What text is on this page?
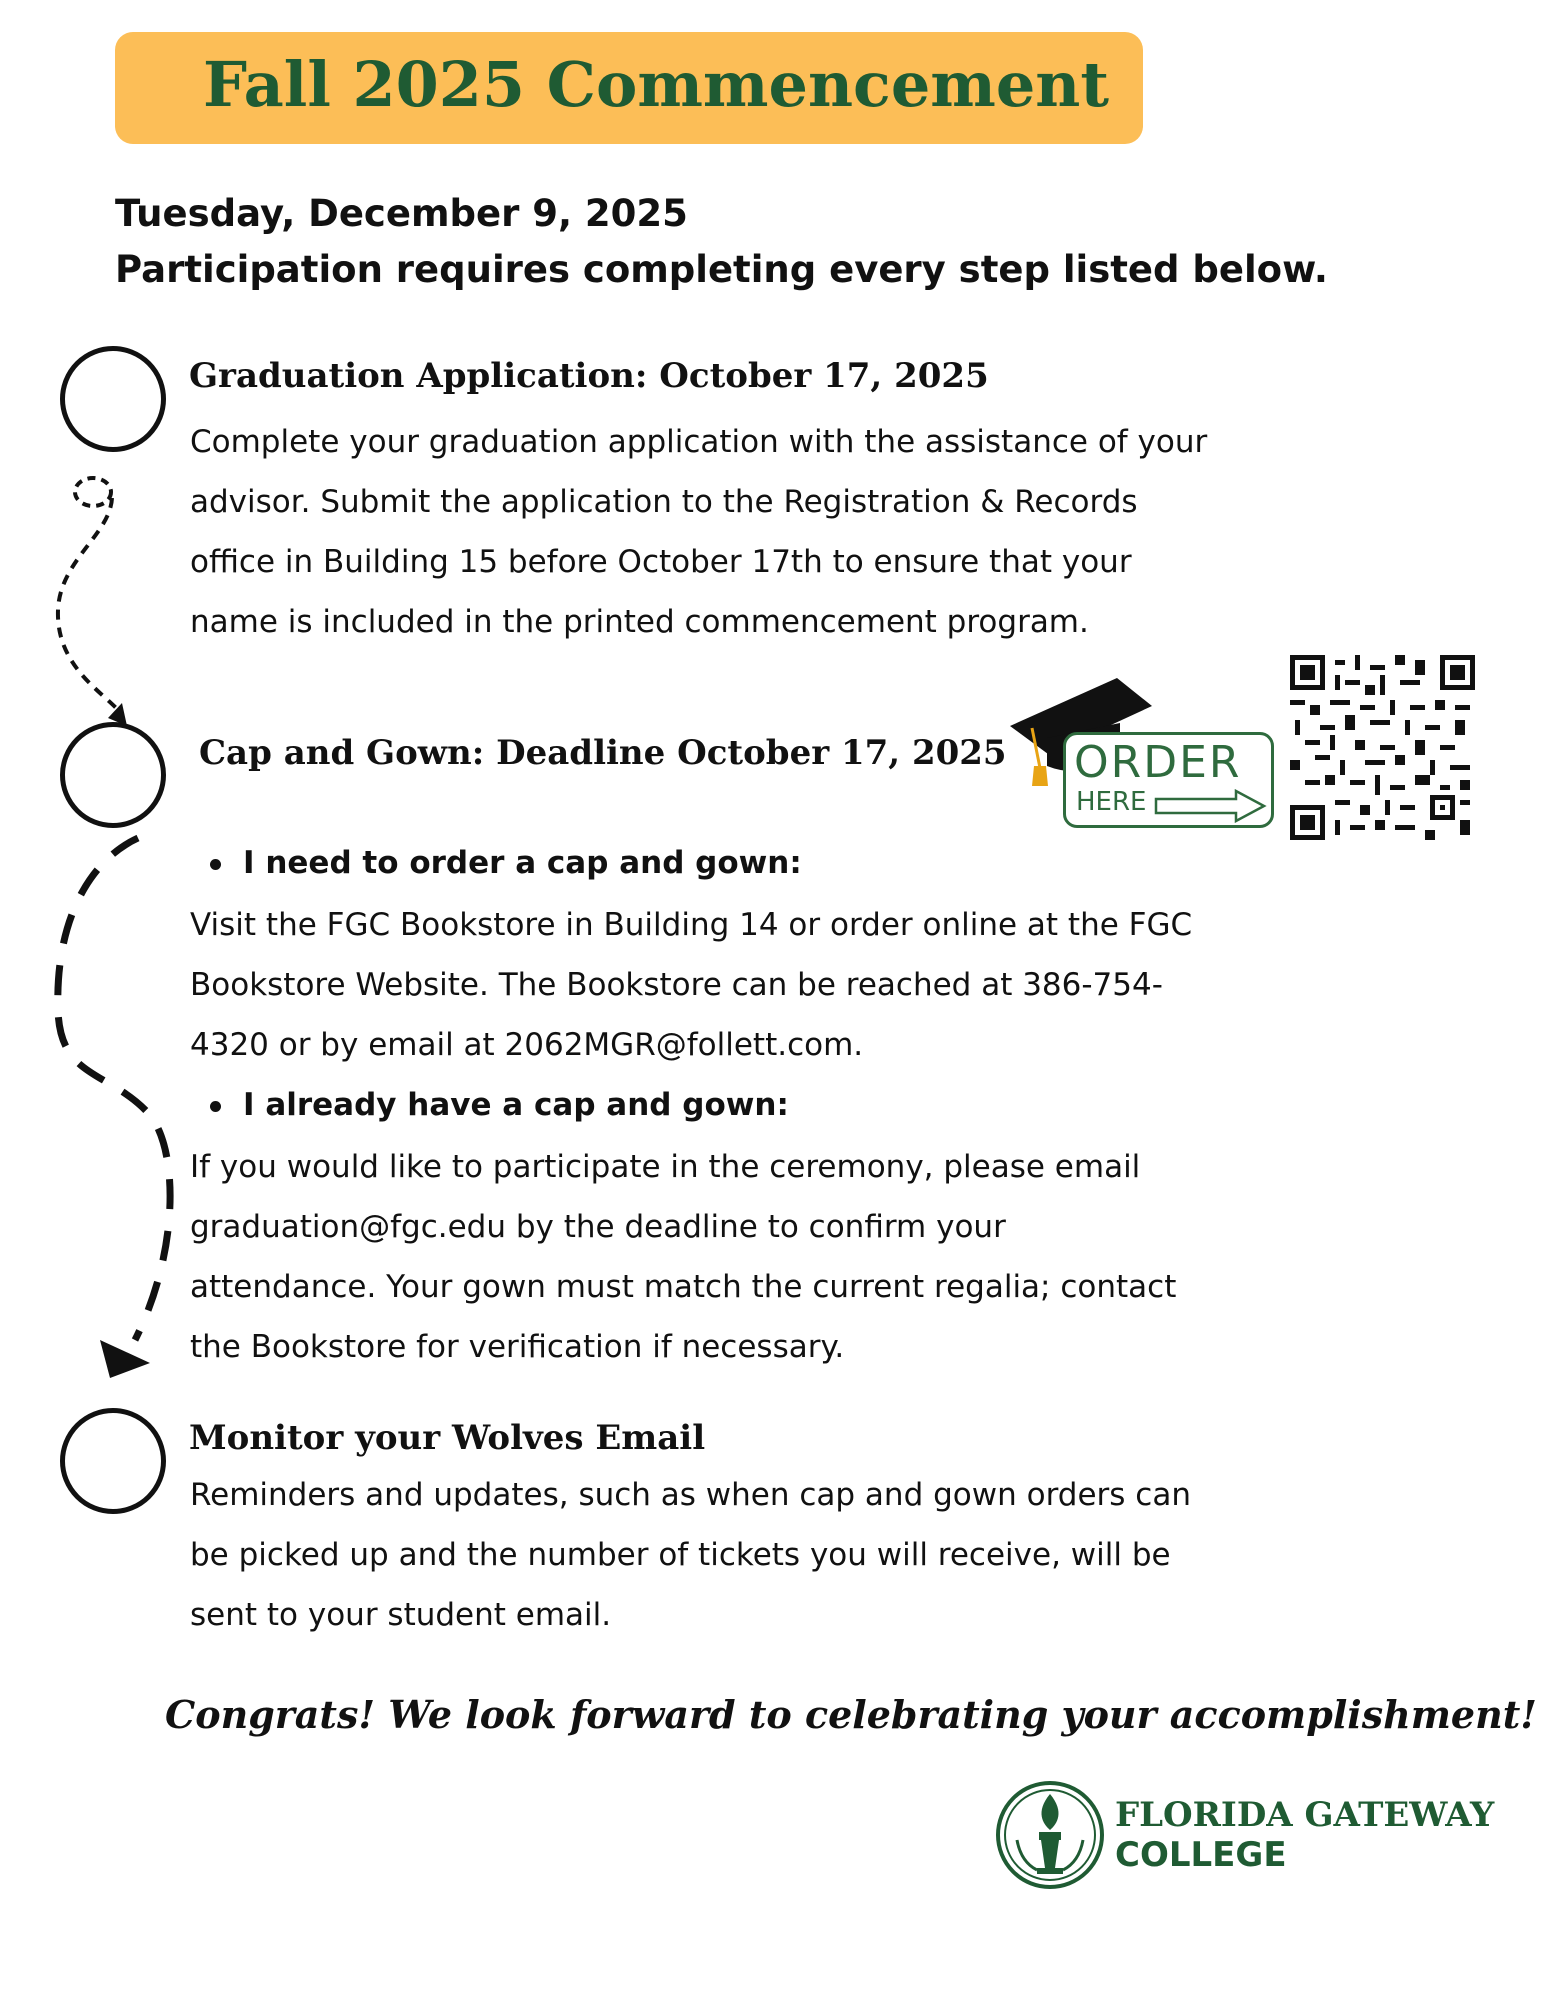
Fall 2025 Commencement
Tuesday, December 9, 2025
Participation requires completing every step listed below.
Graduation Application: October 17, 2025
Complete your graduation application with the assistance of your
advisor. Submit the application to the Registration & Records
office in Building 15 before October 17th to ensure that your
name is included in the printed commencement program.
Cap and Gown: Deadline October 17, 2025
I need to order a cap and gown:
Visit the FGC Bookstore in Building 14 or order online at the FGC
Bookstore Website. The Bookstore can be reached at 386-754-
4320 or by email at 2062MGR@follett.com.
I already have a cap and gown:
If you would like to participate in the ceremony, please email
graduation@fgc.edu by the deadline to confirm your
attendance. Your gown must match the current regalia; contact
the Bookstore for verification if necessary.
ORDER
HERE
Monitor your Wolves Email
Reminders and updates, such as when cap and gown orders can
be picked up and the number of tickets you will receive, will be
sent to your student email.
Congrats! We look forward to celebrating your accomplishment!
FLORIDA GATEWAY
COLLEGE
